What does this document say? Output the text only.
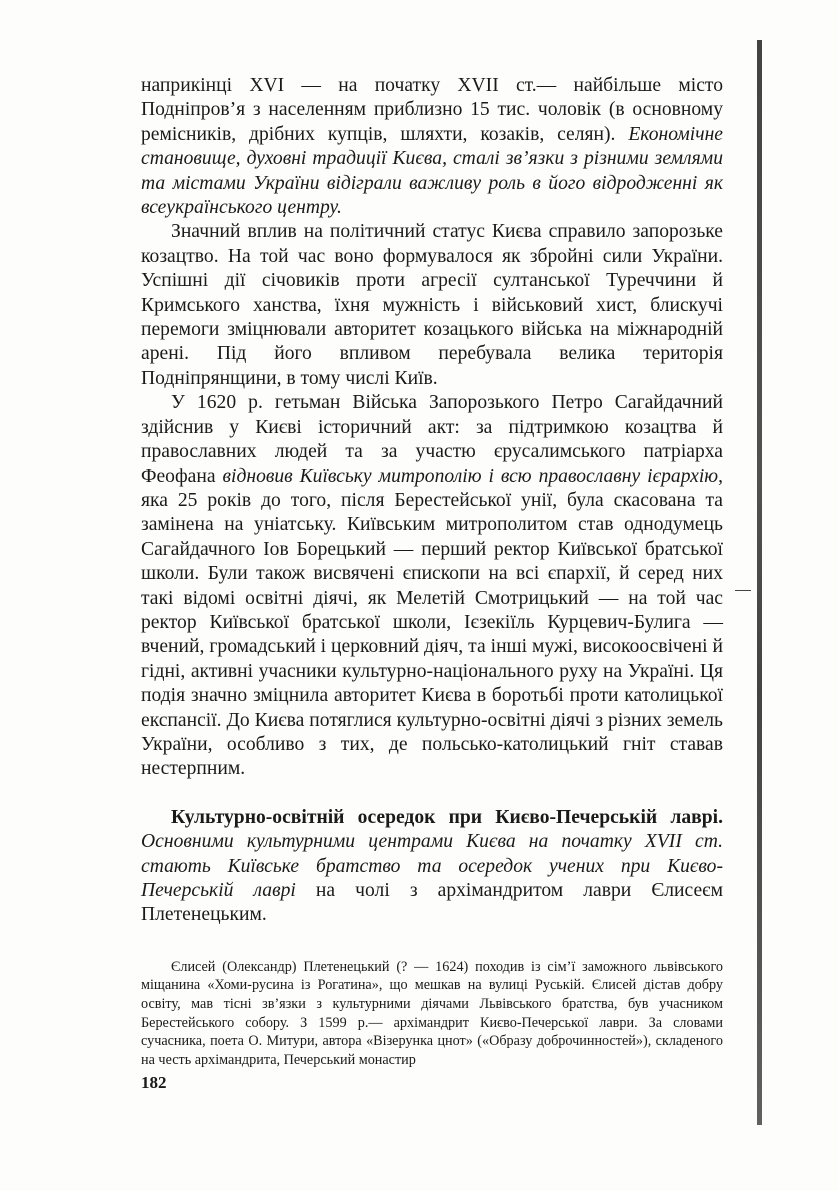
наприкінці XVI — на початку XVII ст.— найбільше місто Подніпров’я з населенням приблизно 15 тис. чоловік (в основному ремісників, дрібних купців, шляхти, козаків, селян). Економічне становище, духовні традиції Києва, сталі зв’язки з різними землями та містами України відіграли важливу роль в його відродженні як всеукраїнського центру.

Значний вплив на політичний статус Києва справило запорозьке козацтво. На той час воно формувалося як збройні сили України. Успішні дії січовиків проти агресії султанської Туреччини й Кримського ханства, їхня мужність і військовий хист, блискучі перемоги зміцнювали авторитет козацького війська на міжнародній арені. Під його впливом перебувала велика територія Подніпрянщини, в тому числі Київ.

У 1620 р. гетьман Війська Запорозького Петро Сагайдачний здійснив у Києві історичний акт: за підтримкою козацтва й православних людей та за участю єрусалимського патріарха Феофана відновив Київську митрополію і всю православну ієрархію, яка 25 років до того, після Берестейської унії, була скасована та замінена на уніатську. Київським митрополитом став однодумець Сагайдачного Іов Борецький — перший ректор Київської братської школи. Були також висвячені єпископи на всі єпархії, й серед них такі відомі освітні діячі, як Мелетій Смотрицький — на той час ректор Київської братської школи, Ієзекіїль Курцевич-Булига — вчений, громадський і церковний діяч, та інші мужі, високоосвічені й гідні, активні учасники культурно-національного руху на Україні. Ця подія значно зміцнила авторитет Києва в боротьбі проти католицької експансії. До Києва потяглися культурно-освітні діячі з різних земель України, особливо з тих, де польсько-католицький гніт ставав нестерпним.

Культурно-освітній осередок при Києво-Печерській лаврі. Основними культурними центрами Києва на початку XVII ст. стають Київське братство та осередок учених при Києво-Печерській лаврі на чолі з архімандритом лаври Єлисеєм Плетенецьким.

Єлисей (Олександр) Плетенецький (? — 1624) походив із сім’ї заможного львівського міщанина «Хоми-русина із Рогатина», що мешкав на вулиці Руській. Єлисей дістав добру освіту, мав тісні зв’язки з культурними діячами Львівського братства, був учасником Берестейського собору. З 1599 р.— архімандрит Києво-Печерської лаври. За словами сучасника, поета О. Митури, автора «Візерунка цнот» («Образу доброчинностей»), складеного на честь архімандрита, Печерський монастир

182
